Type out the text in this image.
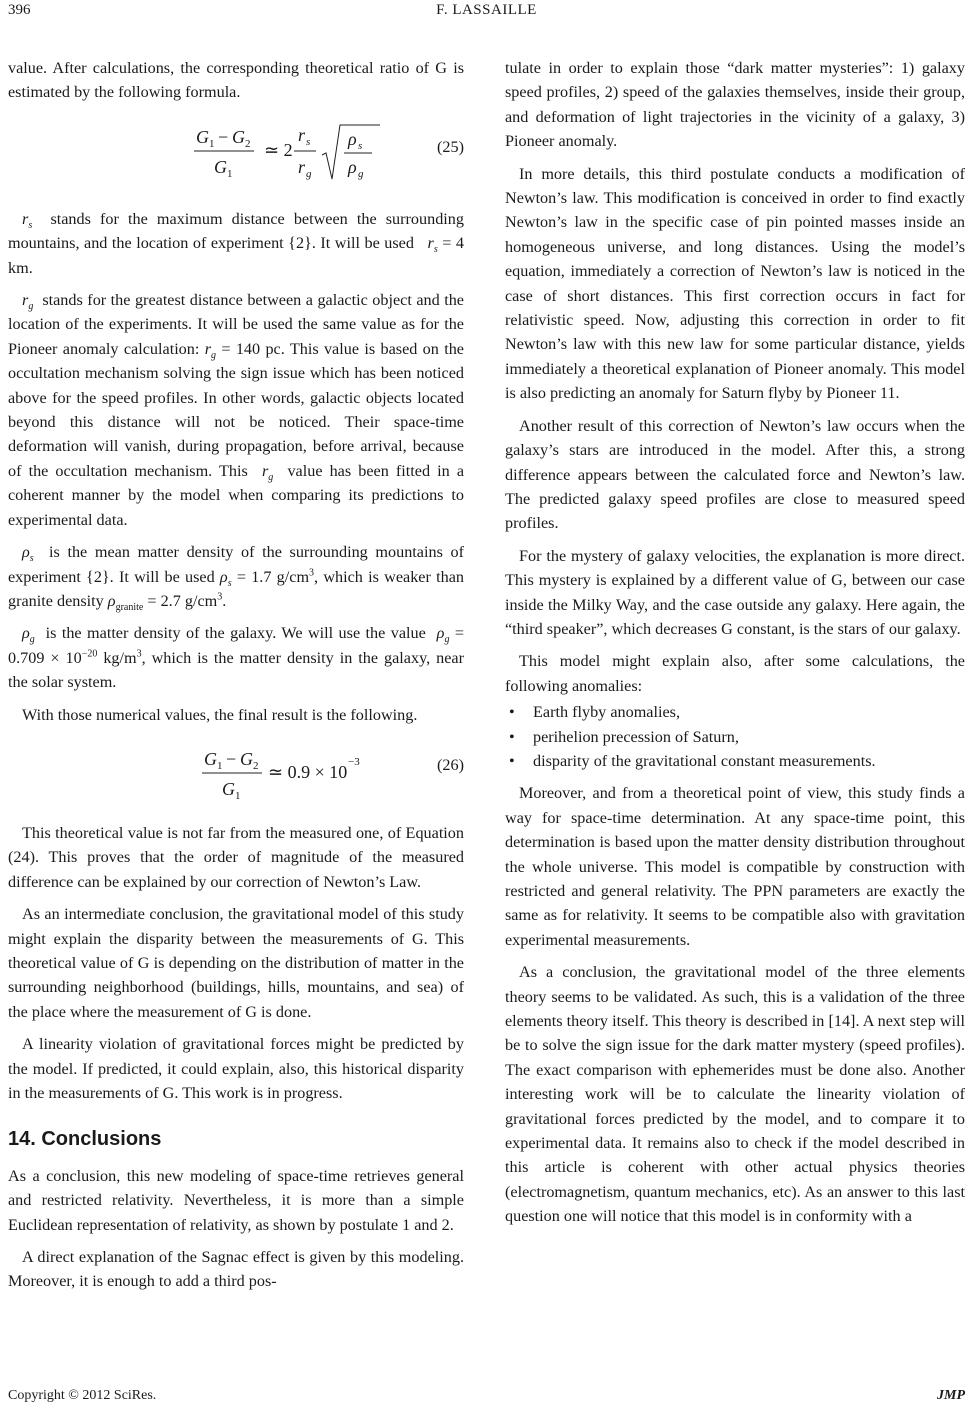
396	F. LASSAILLE

value. After calculations, the corresponding theoretical ratio of G is estimated by the following formula.

G 1 − G 2
G 1
≃ 2
r s
r g
ρ s
ρ g
(25)

$r_s$ stands for the maximum distance between the surrounding mountains, and the location of experiment {2}. It will be used $r_s = 4$ km.

$r_g$ stands for the greatest distance between a galactic object and the location of the experiments. It will be used the same value as for the Pioneer anomaly calculation: $r_g = 140$ pc. This value is based on the occultation mechanism solving the sign issue which has been noticed above for the speed profiles. In other words, galactic objects located beyond this distance will not be noticed. Their space-time deformation will vanish, during propagation, before arrival, because of the occultation mechanism. This  $r_g$ value has been fitted in a coherent manner by the model when comparing its predictions to experimental data.

$\rho_s$ is the mean matter density of the surrounding mountains of experiment {2}. It will be used $\rho_s = 1.7$ $g/cm^3$, which is weaker than granite density $\rho_{granite} = 2.7$ $g/cm^3$.

$\rho_g$ is the matter density of the galaxy. We will use the value $\rho_g = 0.709 \times 10^{-20}$ $kg/m^3$, which is the matter density in the galaxy, near the solar system.

With those numerical values, the final result is the following.

G 1 − G 2
G 1
≃ 0.9 × 10 −3	(26)

This theoretical value is not far from the measured one, of Equation (24). This proves that the order of magnitude of the measured difference can be explained by our correction of Newton’s Law.

As an intermediate conclusion, the gravitational model of this study might explain the disparity between the measurements of G. This theoretical value of G is depending on the distribution of matter in the surrounding neighborhood (buildings, hills, mountains, and sea) of the place where the measurement of G is done.

A linearity violation of gravitational forces might be predicted by the model. If predicted, it could explain, also, this historical disparity in the measurements of G. This work is in progress.

14. Conclusions

As a conclusion, this new modeling of space-time retrieves general and restricted relativity. Nevertheless, it is more than a simple Euclidean representation of relativity, as shown by postulate 1 and 2.

A direct explanation of the Sagnac effect is given by this modeling. Moreover, it is enough to add a third pos-

tulate in order to explain those “dark matter mysteries”: 1) galaxy speed profiles, 2) speed of the galaxies themselves, inside their group, and deformation of light trajectories in the vicinity of a galaxy, 3) Pioneer anomaly.

In more details, this third postulate conducts a modification of Newton’s law. This modification is conceived in order to find exactly Newton’s law in the specific case of pin pointed masses inside an homogeneous universe, and long distances. Using the model’s equation, immediately a correction of Newton’s law is noticed in the case of short distances. This first correction occurs in fact for relativistic speed. Now, adjusting this correction in order to fit Newton’s law with this new law for some particular distance, yields immediately a theoretical explanation of Pioneer anomaly. This model is also predicting an anomaly for Saturn flyby by Pioneer 11.

Another result of this correction of Newton’s law occurs when the galaxy’s stars are introduced in the model. After this, a strong difference appears between the calculated force and Newton’s law. The predicted galaxy speed profiles are close to measured speed profiles.

For the mystery of galaxy velocities, the explanation is more direct. This mystery is explained by a different value of G, between our case inside the Milky Way, and the case outside any galaxy. Here again, the “third speaker”, which decreases G constant, is the stars of our galaxy.

This model might explain also, after some calculations, the following anomalies:

• Earth flyby anomalies,
• perihelion precession of Saturn,
• disparity of the gravitational constant measurements.

Moreover, and from a theoretical point of view, this study finds a way for space-time determination. At any space-time point, this determination is based upon the matter density distribution throughout the whole universe. This model is compatible by construction with restricted and general relativity. The PPN parameters are exactly the same as for relativity. It seems to be compatible also with gravitation experimental measurements.

As a conclusion, the gravitational model of the three elements theory seems to be validated. As such, this is a validation of the three elements theory itself. This theory is described in [14]. A next step will be to solve the sign issue for the dark matter mystery (speed profiles). The exact comparison with ephemerides must be done also. Another interesting work will be to calculate the linearity violation of gravitational forces predicted by the model, and to compare it to experimental data. It remains also to check if the model described in this article is coherent with other actual physics theories (electromagnetism, quantum mechanics, etc). As an answer to this last question one will notice that this model is in conformity with a

Copyright © 2012 SciRes.	JMP
